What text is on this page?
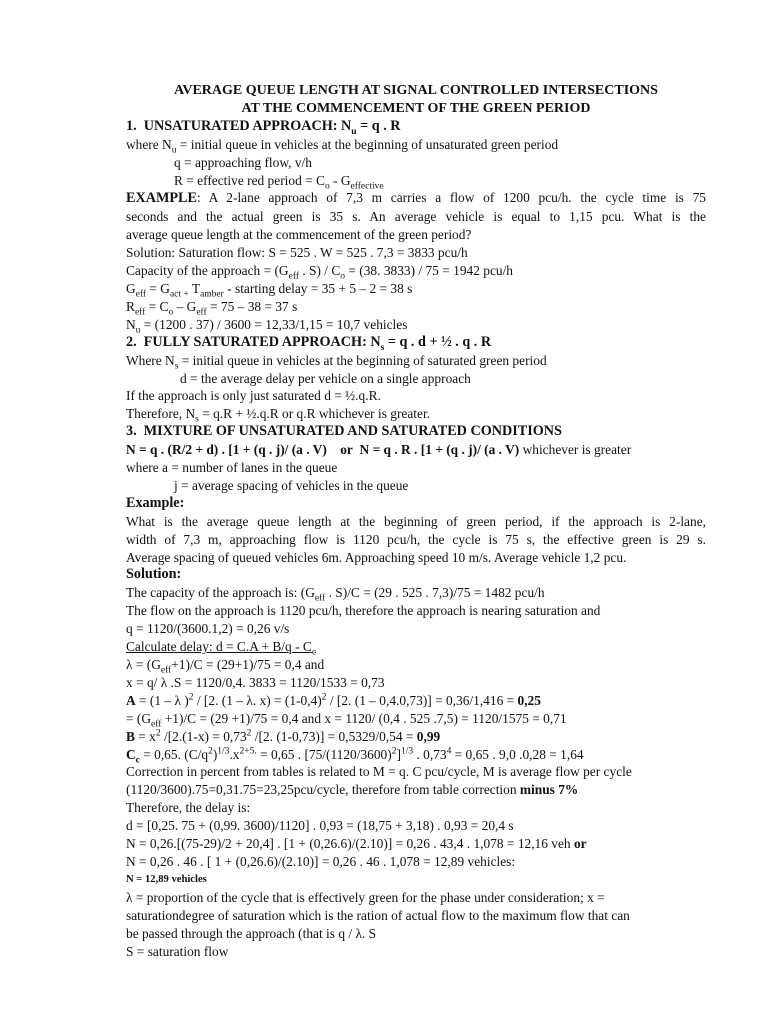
AVERAGE QUEUE LENGTH AT SIGNAL CONTROLLED INTERSECTIONS
AT THE COMMENCEMENT OF THE GREEN PERIOD
1.  UNSATURATED APPROACH: $N_u = q$ . R
where $N_u$ = initial queue in vehicles at the beginning of unsaturated green period
q = approaching flow, v/h
R = effective red period = $C_o - G_{effective}$
EXAMPLE: A 2-lane approach of 7,3 m carries a flow of 1200 pcu/h. the cycle time is 75
seconds and the actual green is 35 s. An average vehicle is equal to 1,15 pcu. What is the
average queue length at the commencement of the green period?
Solution: Saturation flow: S = 525 . W = 525 . 7,3 = 3833 pcu/h
Capacity of the approach = ($G_{eff}$ . $S) / C_o = (38$. 3833) / 75 = 1942 pcu/h
$G_{eff} = G_{act +}$ $T_{amber}$ - starting delay = 35 + 5 – 2 = 38 s
$R_{eff} = C_o - G_{eff} = 75 - 38 = 37$ s
$N_u = (1200$ . 37) / 3600 = 12,33/1,15 = 10,7 vehicles
2.  FULLY SATURATED APPROACH: $N_s = q$ . d + ½ . q . R
Where $N_s$ = initial queue in vehicles at the beginning of saturated green period
d = the average delay per vehicle on a single approach
If the approach is only just saturated d = ½.q.R.
Therefore, $N_s = q.R$ + ½.q.R or q.R whichever is greater.
3.  MIXTURE OF UNSATURATED AND SATURATED CONDITIONS
N = q . (R/2 + d) . [1 + (q . j)/ (a . V)    or  N = q . R . [1 + (q . j)/ (a . V) whichever is greater
where a = number of lanes in the queue
j = average spacing of vehicles in the queue
Example:
What is the average queue length at the beginning of green period, if the approach is 2-lane,
width of 7,3 m, approaching flow is 1120 pcu/h, the cycle is 75 s, the effective green is 29 s.
Average spacing of queued vehicles 6m. Approaching speed 10 m/s. Average vehicle 1,2 pcu.
Solution:
The capacity of the approach is: ($G_{eff}$ . S)/C = (29 . 525 . 7,3)/75 = 1482 pcu/h
The flow on the approach is 1120 pcu/h, therefore the approach is nearing saturation and
q = 1120/(3600.1,2) = 0,26 v/s
Calculate delay: $d = C.A + B/q - C_c$
$\lambda = (G_{eff}+1)/C = (29+1)/75 = 0,4$ and
x = q/ λ .S = 1120/0,4. 3833 = 1120/1533 = 0,73
A = (1 – λ )$^2$ / [2. (1 – λ. $x) = (1-0,4)^2 / [2$. (1 – 0,4.0,73)] = 0,36/1,416 = 0,25
= $(G_{eff} +1)/C = (29 +1)/75 = 0,4$ and x = 1120/ (0,4 . 525 .7,5) = 1120/1575 = 0,71
$B = x^2$ $/[2.(1-x) = 0,73^2$ /[2. (1-0,73)] = 0,5329/0,54 = 0,99
$C_c = 0,65$. $(C/q^2)^{1/3}.x^{2+5.} = 0,65$ . $[75/(1120/3600)^2]^{1/3}$ . $0,73^4 = 0,65$ . 9,0 .0,28 = 1,64
Correction in percent from tables is related to M = q. C pcu/cycle, M is average flow per cycle
(1120/3600).75=0,31.75=23,25pcu/cycle, therefore from table correction minus 7%
Therefore, the delay is:
d = [0,25. 75 + (0,99. 3600)/1120] . 0,93 = (18,75 + 3,18) . 0,93 = 20,4 s
N = 0,26.[(75-29)/2 + 20,4] . [1 + (0,26.6)/(2.10)] = 0,26 . 43,4 . 1,078 = 12,16 veh or
N = 0,26 . 46 . [ 1 + (0,26.6)/(2.10)] = 0,26 . 46 . 1,078 = 12,89 vehicles:
N = 12,89 vehicles
λ = proportion of the cycle that is effectively green for the phase under consideration; x =
saturationdegree of saturation which is the ration of actual flow to the maximum flow that can
be passed through the approach (that is q / λ. S
S = saturation flow
